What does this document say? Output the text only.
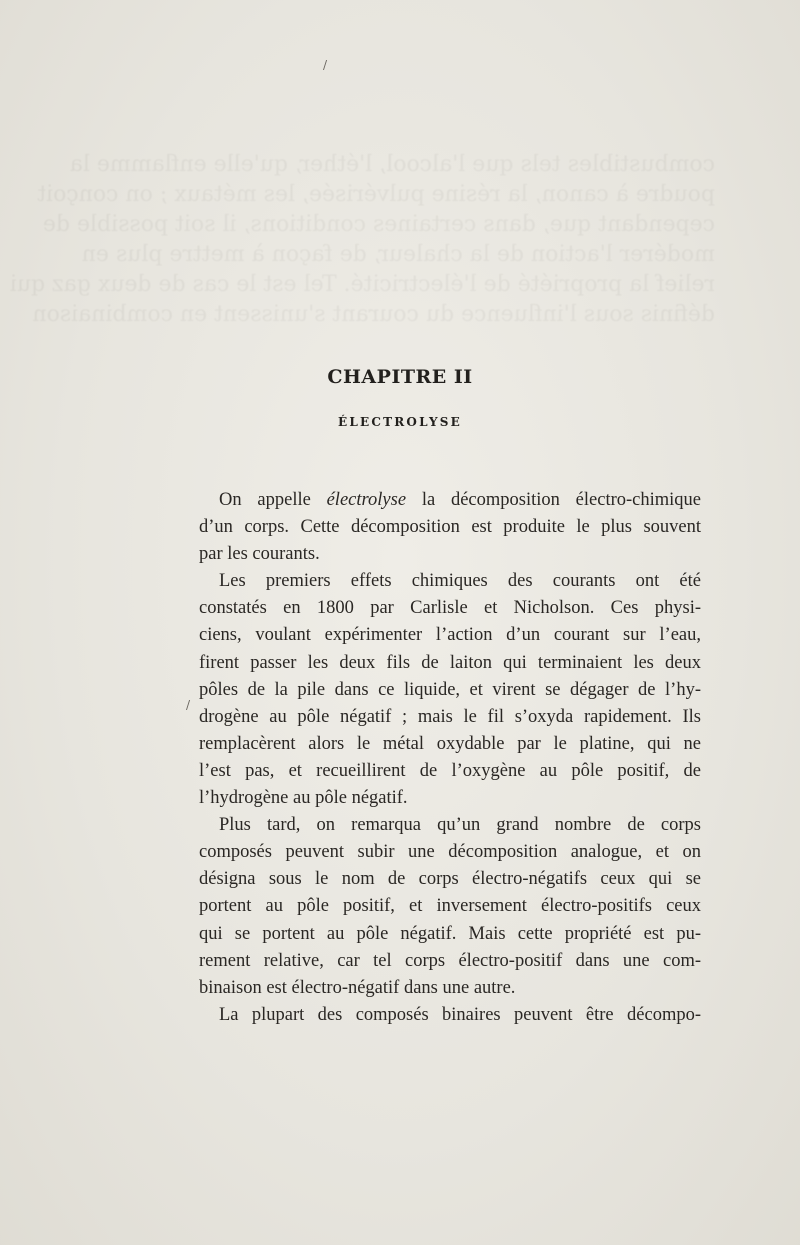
combustibles tels que l'alcool, l'éther, qu'elle enflamme la
poudre à canon, la résine pulvérisée, les métaux ; on conçoit
cependant que, dans certaines conditions, il soit possible de
modérer l'action de la chaleur, de façon à mettre plus en
relief la propriété de l'électricité. Tel est le cas de deux gaz qui
définis sous l'influence du courant s'unissent en combinaison
/
/
CHAPITRE II
ÉLECTROLYSE
On appelle électrolyse la décomposition électro-chimique
d’un corps. Cette décomposition est produite le plus souvent
par les courants.
Les premiers effets chimiques des courants ont été
constatés en 1800 par Carlisle et Nicholson. Ces physi-
ciens, voulant expérimenter l’action d’un courant sur l’eau,
firent passer les deux fils de laiton qui terminaient les deux
pôles de la pile dans ce liquide, et virent se dégager de l’hy-
drogène au pôle négatif ; mais le fil s’oxyda rapidement. Ils
remplacèrent alors le métal oxydable par le platine, qui ne
l’est pas, et recueillirent de l’oxygène au pôle positif, de
l’hydrogène au pôle négatif.
Plus tard, on remarqua qu’un grand nombre de corps
composés peuvent subir une décomposition analogue, et on
désigna sous le nom de corps électro-négatifs ceux qui se
portent au pôle positif, et inversement électro-positifs ceux
qui se portent au pôle négatif. Mais cette propriété est pu-
rement relative, car tel corps électro-positif dans une com-
binaison est électro-négatif dans une autre.
La plupart des composés binaires peuvent être décompo-
